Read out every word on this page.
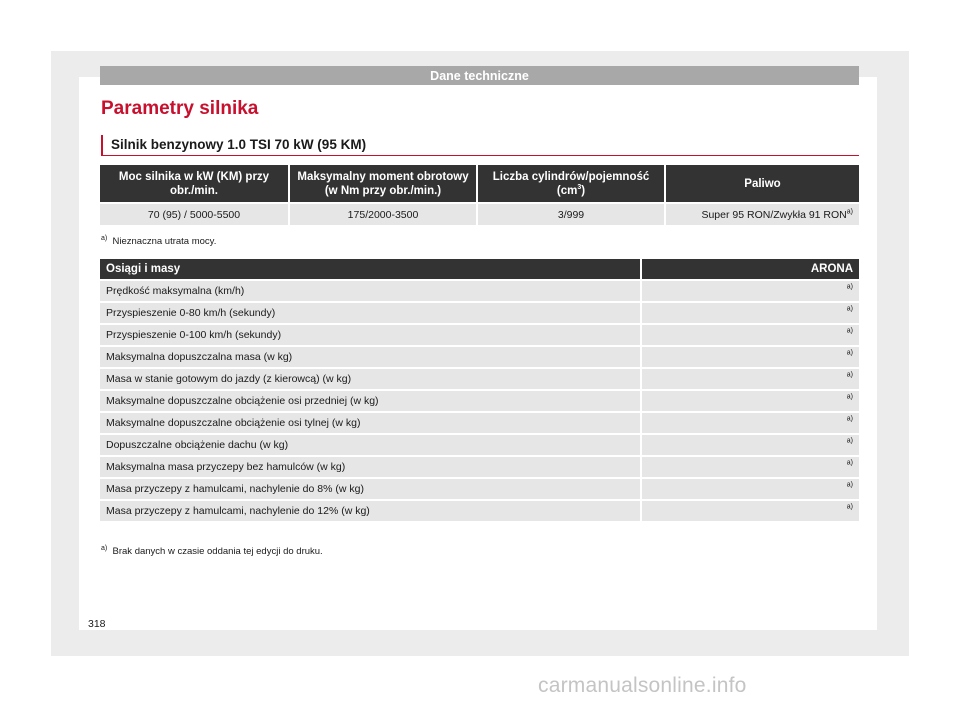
Dane techniczne
Parametry silnika
Silnik benzynowy 1.0 TSI 70 kW (95 KM)
Moc silnika w kW (KM) przy obr./min.	Maksymalny moment obrotowy (w Nm przy obr./min.)	Liczba cylindrów/pojemność $(cm^3)$	Paliwo
70 (95) / 5000-5500	175/2000-3500	3/999	Super 95 RON/Zwykła 91 RON$^{a)}$
$^{a)}$ Nieznaczna utrata mocy.
Osiągi i masy	ARONA
Prędkość maksymalna (km/h)	$^{a)}$
Przyspieszenie 0-80 km/h (sekundy)	$^{a)}$
Przyspieszenie 0-100 km/h (sekundy)	$^{a)}$
Maksymalna dopuszczalna masa (w kg)	$^{a)}$
Masa w stanie gotowym do jazdy (z kierowcą) (w kg)	$^{a)}$
Maksymalne dopuszczalne obciążenie osi przedniej (w kg)	$^{a)}$
Maksymalne dopuszczalne obciążenie osi tylnej (w kg)	$^{a)}$
Dopuszczalne obciążenie dachu (w kg)	$^{a)}$
Maksymalna masa przyczepy bez hamulców (w kg)	$^{a)}$
Masa przyczepy z hamulcami, nachylenie do 8% (w kg)	$^{a)}$
Masa przyczepy z hamulcami, nachylenie do 12% (w kg)	$^{a)}$
$^{a)}$ Brak danych w czasie oddania tej edycji do druku.
318
carmanualsonline.info
